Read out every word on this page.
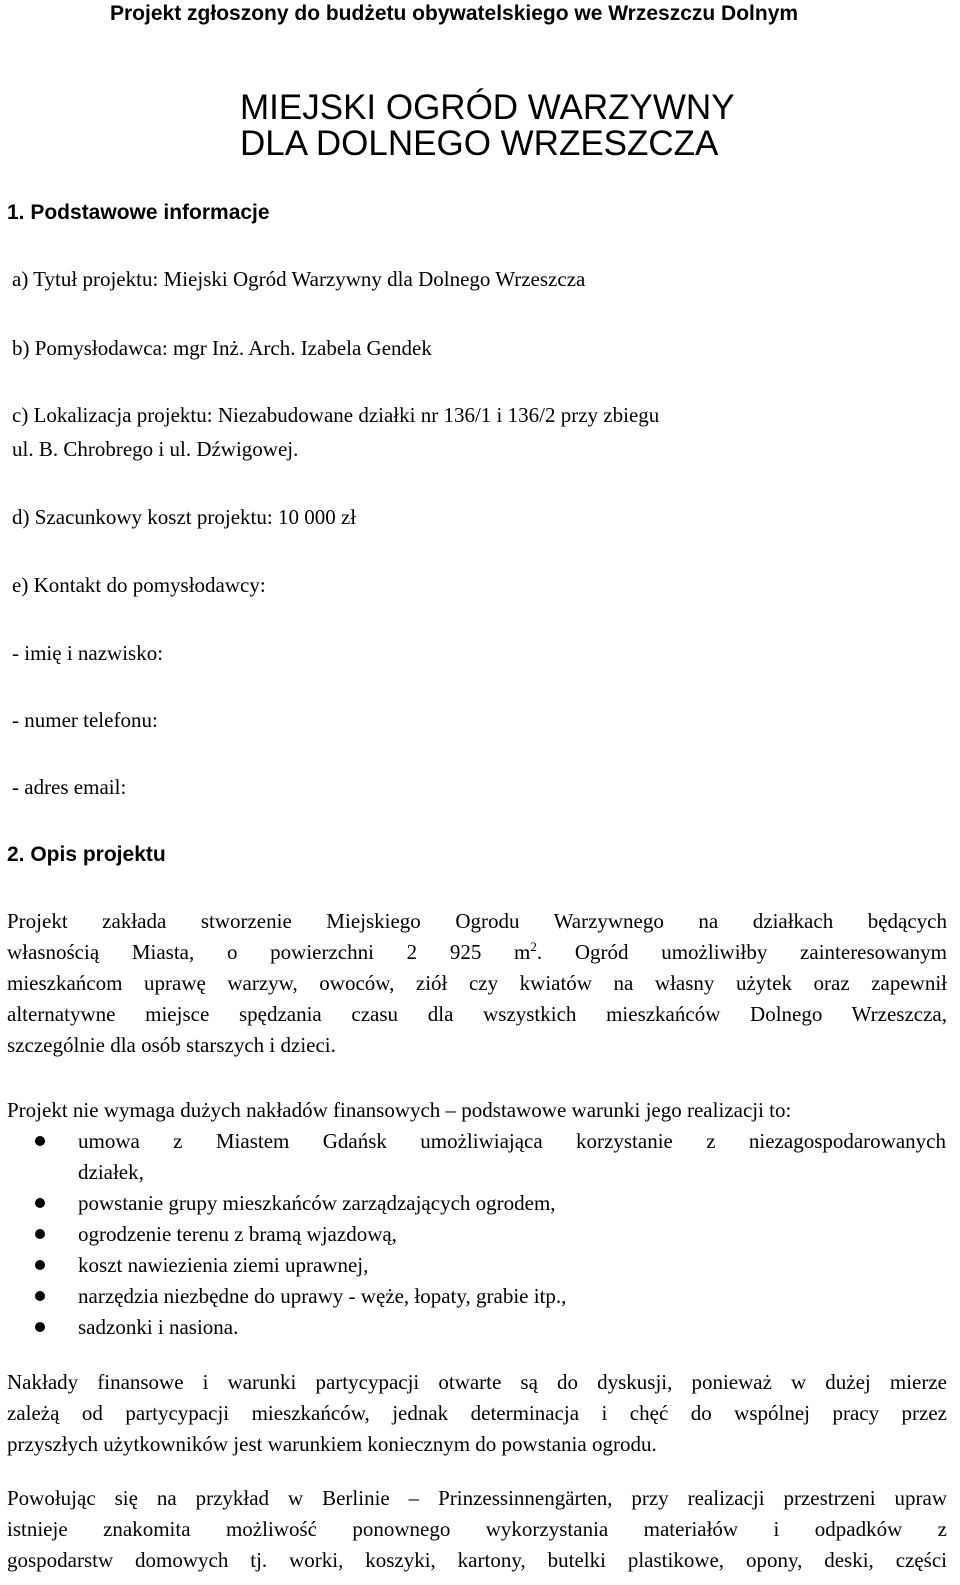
Projekt zgłoszony do budżetu obywatelskiego we Wrzeszczu Dolnym

MIEJSKI OGRÓD WARZYWNY

DLA DOLNEGO WRZESZCZA

1. Podstawowe informacje

a) Tytuł projektu: Miejski Ogród Warzywny dla Dolnego Wrzeszcza

b) Pomysłodawca: mgr Inż. Arch. Izabela Gendek

c) Lokalizacja projektu: Niezabudowane działki nr 136/1 i 136/2 przy zbiegu

ul. B. Chrobrego i ul. Dźwigowej.

d) Szacunkowy koszt projektu: 10 000 zł

e) Kontakt do pomysłodawcy:

- imię i nazwisko:

- numer telefonu:

- adres email:

2. Opis projektu

Projekt zakłada stworzenie Miejskiego Ogrodu Warzywnego na działkach będących

własnością Miasta, o powierzchni 2 925 $m^2$. Ogród umożliwiłby zainteresowanym

mieszkańcom uprawę warzyw, owoców, ziół czy kwiatów na własny użytek oraz zapewnił

alternatywne miejsce spędzania czasu dla wszystkich mieszkańców Dolnego Wrzeszcza,

szczególnie dla osób starszych i dzieci.

Projekt nie wymaga dużych nakładów finansowych – podstawowe warunki jego realizacji to:

umowa z Miastem Gdańsk umożliwiająca korzystanie z niezagospodarowanych

działek,

powstanie grupy mieszkańców zarządzających ogrodem,

ogrodzenie terenu z bramą wjazdową,

koszt nawiezienia ziemi uprawnej,

narzędzia niezbędne do uprawy - węże, łopaty, grabie itp.,

sadzonki i nasiona.

Nakłady finansowe i warunki partycypacji otwarte są do dyskusji, ponieważ w dużej mierze

zależą od partycypacji mieszkańców, jednak determinacja i chęć do wspólnej pracy przez

przyszłych użytkowników jest warunkiem koniecznym do powstania ogrodu.

Powołując się na przykład w Berlinie – Prinzessinnengärten, przy realizacji przestrzeni upraw

istnieje znakomita możliwość ponownego wykorzystania materiałów i odpadków z

gospodarstw domowych tj. worki, koszyki, kartony, butelki plastikowe, opony, deski, części
